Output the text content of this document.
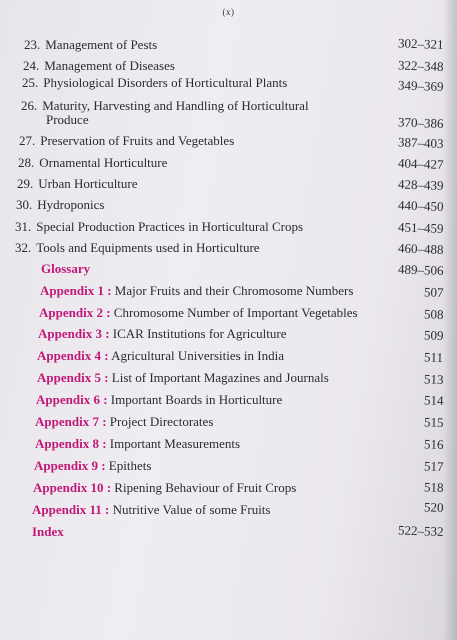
(x)
23. Management of Pests	302–321
24. Management of Diseases	322–348
25. Physiological Disorders of Horticultural Plants	349–369
26. Maturity, Harvesting and Handling of Horticultural
Produce	370–386
27. Preservation of Fruits and Vegetables	387–403
28. Ornamental Horticulture	404–427
29. Urban Horticulture	428–439
30. Hydroponics	440–450
31. Special Production Practices in Horticultural Crops	451–459
32. Tools and Equipments used in Horticulture	460–488
Glossary	489–506
Appendix 1 : Major Fruits and their Chromosome Numbers	507
Appendix 2 : Chromosome Number of Important Vegetables	508
Appendix 3 : ICAR Institutions for Agriculture	509
Appendix 4 : Agricultural Universities in India	511
Appendix 5 : List of Important Magazines and Journals	513
Appendix 6 : Important Boards in Horticulture	514
Appendix 7 : Project Directorates	515
Appendix 8 : Important Measurements	516
Appendix 9 : Epithets	517
Appendix 10 : Ripening Behaviour of Fruit Crops	518
Appendix 11 : Nutritive Value of some Fruits	520
Index	522–532
